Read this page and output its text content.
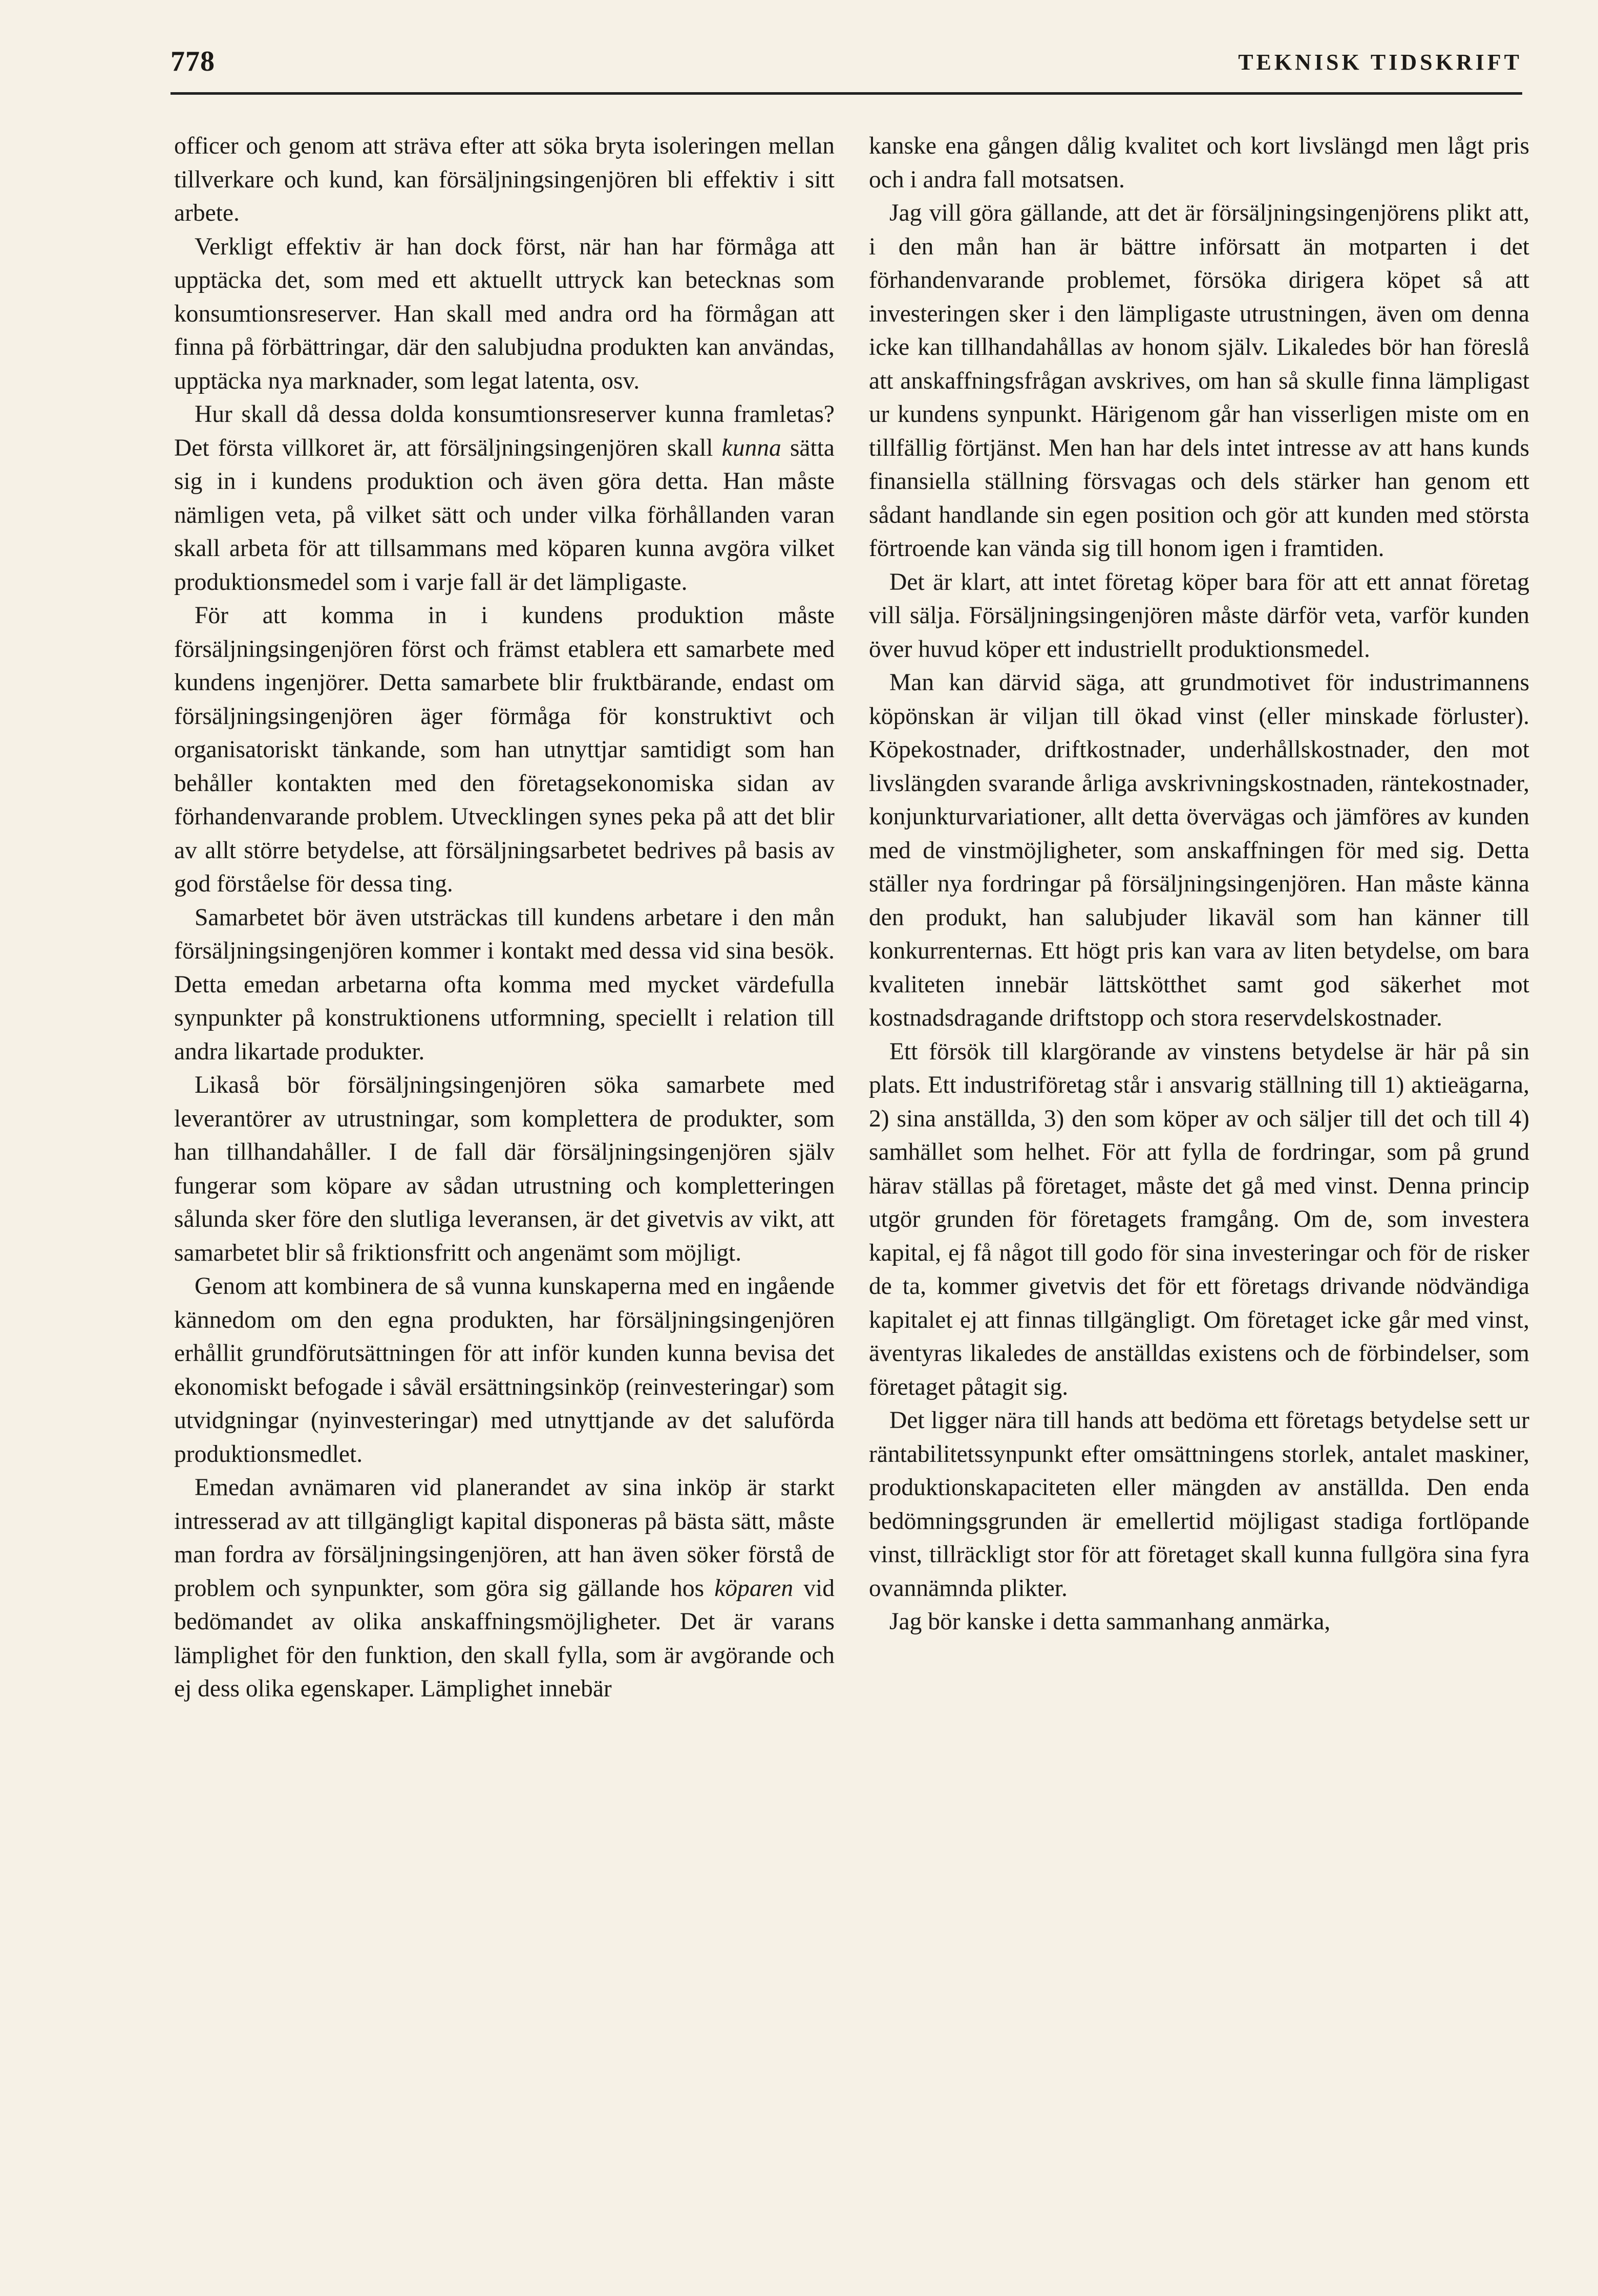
778	TEKNISK TIDSKRIFT

officer och genom att sträva efter att söka bryta isoleringen mellan tillverkare och kund, kan försäljningsingenjören bli effektiv i sitt arbete.

Verkligt effektiv är han dock först, när han har förmåga att upptäcka det, som med ett aktuellt uttryck kan betecknas som konsumtionsreserver. Han skall med andra ord ha förmågan att finna på förbättringar, där den salubjudna produkten kan användas, upptäcka nya marknader, som legat latenta, osv.

Hur skall då dessa dolda konsumtionsreserver kunna framletas? Det första villkoret är, att försäljningsingenjören skall kunna sätta sig in i kundens produktion och även göra detta. Han måste nämligen veta, på vilket sätt och under vilka förhållanden varan skall arbeta för att tillsammans med köparen kunna avgöra vilket produktionsmedel som i varje fall är det lämpligaste.

För att komma in i kundens produktion måste försäljningsingenjören först och främst etablera ett samarbete med kundens ingenjörer. Detta samarbete blir fruktbärande, endast om försäljningsingenjören äger förmåga för konstruktivt och organisatoriskt tänkande, som han utnyttjar samtidigt som han behåller kontakten med den företagsekonomiska sidan av förhandenvarande problem. Utvecklingen synes peka på att det blir av allt större betydelse, att försäljningsarbetet bedrives på basis av god förståelse för dessa ting.

Samarbetet bör även utsträckas till kundens arbetare i den mån försäljningsingenjören kommer i kontakt med dessa vid sina besök. Detta emedan arbetarna ofta komma med mycket värdefulla synpunkter på konstruktionens utformning, speciellt i relation till andra likartade produkter.

Likaså bör försäljningsingenjören söka samarbete med leverantörer av utrustningar, som komplettera de produkter, som han tillhandahåller. I de fall där försäljningsingenjören själv fungerar som köpare av sådan utrustning och kompletteringen sålunda sker före den slutliga leveransen, är det givetvis av vikt, att samarbetet blir så friktionsfritt och angenämt som möjligt.

Genom att kombinera de så vunna kunskaperna med en ingående kännedom om den egna produkten, har försäljningsingenjören erhållit grundförutsättningen för att inför kunden kunna bevisa det ekonomiskt befogade i såväl ersättningsinköp (reinvesteringar) som utvidgningar (nyinvesteringar) med utnyttjande av det saluförda produktionsmedlet.

Emedan avnämaren vid planerandet av sina inköp är starkt intresserad av att tillgängligt kapital disponeras på bästa sätt, måste man fordra av försäljningsingenjören, att han även söker förstå de problem och synpunkter, som göra sig gällande hos köparen vid bedömandet av olika anskaffningsmöjligheter. Det är varans lämplighet för den funktion, den skall fylla, som är avgörande och ej dess olika egenskaper. Lämplighet innebär

kanske ena gången dålig kvalitet och kort livslängd men lågt pris och i andra fall motsatsen.

Jag vill göra gällande, att det är försäljningsingenjörens plikt att, i den mån han är bättre införsatt än motparten i det förhandenvarande problemet, försöka dirigera köpet så att investeringen sker i den lämpligaste utrustningen, även om denna icke kan tillhandahållas av honom själv. Likaledes bör han föreslå att anskaffningsfrågan avskrives, om han så skulle finna lämpligast ur kundens synpunkt. Härigenom går han visserligen miste om en tillfällig förtjänst. Men han har dels intet intresse av att hans kunds finansiella ställning försvagas och dels stärker han genom ett sådant handlande sin egen position och gör att kunden med största förtroende kan vända sig till honom igen i framtiden.

Det är klart, att intet företag köper bara för att ett annat företag vill sälja. Försäljningsingenjören måste därför veta, varför kunden över huvud köper ett industriellt produktionsmedel.

Man kan därvid säga, att grundmotivet för industrimannens köpönskan är viljan till ökad vinst (eller minskade förluster). Köpekostnader, driftkostnader, underhållskostnader, den mot livslängden svarande årliga avskrivningskostnaden, räntekostnader, konjunkturvariationer, allt detta övervägas och jämföres av kunden med de vinstmöjligheter, som anskaffningen för med sig. Detta ställer nya fordringar på försäljningsingenjören. Han måste känna den produkt, han salubjuder likaväl som han känner till konkurrenternas. Ett högt pris kan vara av liten betydelse, om bara kvaliteten innebär lättskötthet samt god säkerhet mot kostnadsdragande driftstopp och stora reservdelskostnader.

Ett försök till klargörande av vinstens betydelse är här på sin plats. Ett industriföretag står i ansvarig ställning till 1) aktieägarna, 2) sina anställda, 3) den som köper av och säljer till det och till 4) samhället som helhet. För att fylla de fordringar, som på grund härav ställas på företaget, måste det gå med vinst. Denna princip utgör grunden för företagets framgång. Om de, som investera kapital, ej få något till godo för sina investeringar och för de risker de ta, kommer givetvis det för ett företags drivande nödvändiga kapitalet ej att finnas tillgängligt. Om företaget icke går med vinst, äventyras likaledes de anställdas existens och de förbindelser, som företaget påtagit sig.

Det ligger nära till hands att bedöma ett företags betydelse sett ur räntabilitetssynpunkt efter omsättningens storlek, antalet maskiner, produktionskapaciteten eller mängden av anställda. Den enda bedömningsgrunden är emellertid möjligast stadiga fortlöpande vinst, tillräckligt stor för att företaget skall kunna fullgöra sina fyra ovannämnda plikter.

Jag bör kanske i detta sammanhang anmärka,
